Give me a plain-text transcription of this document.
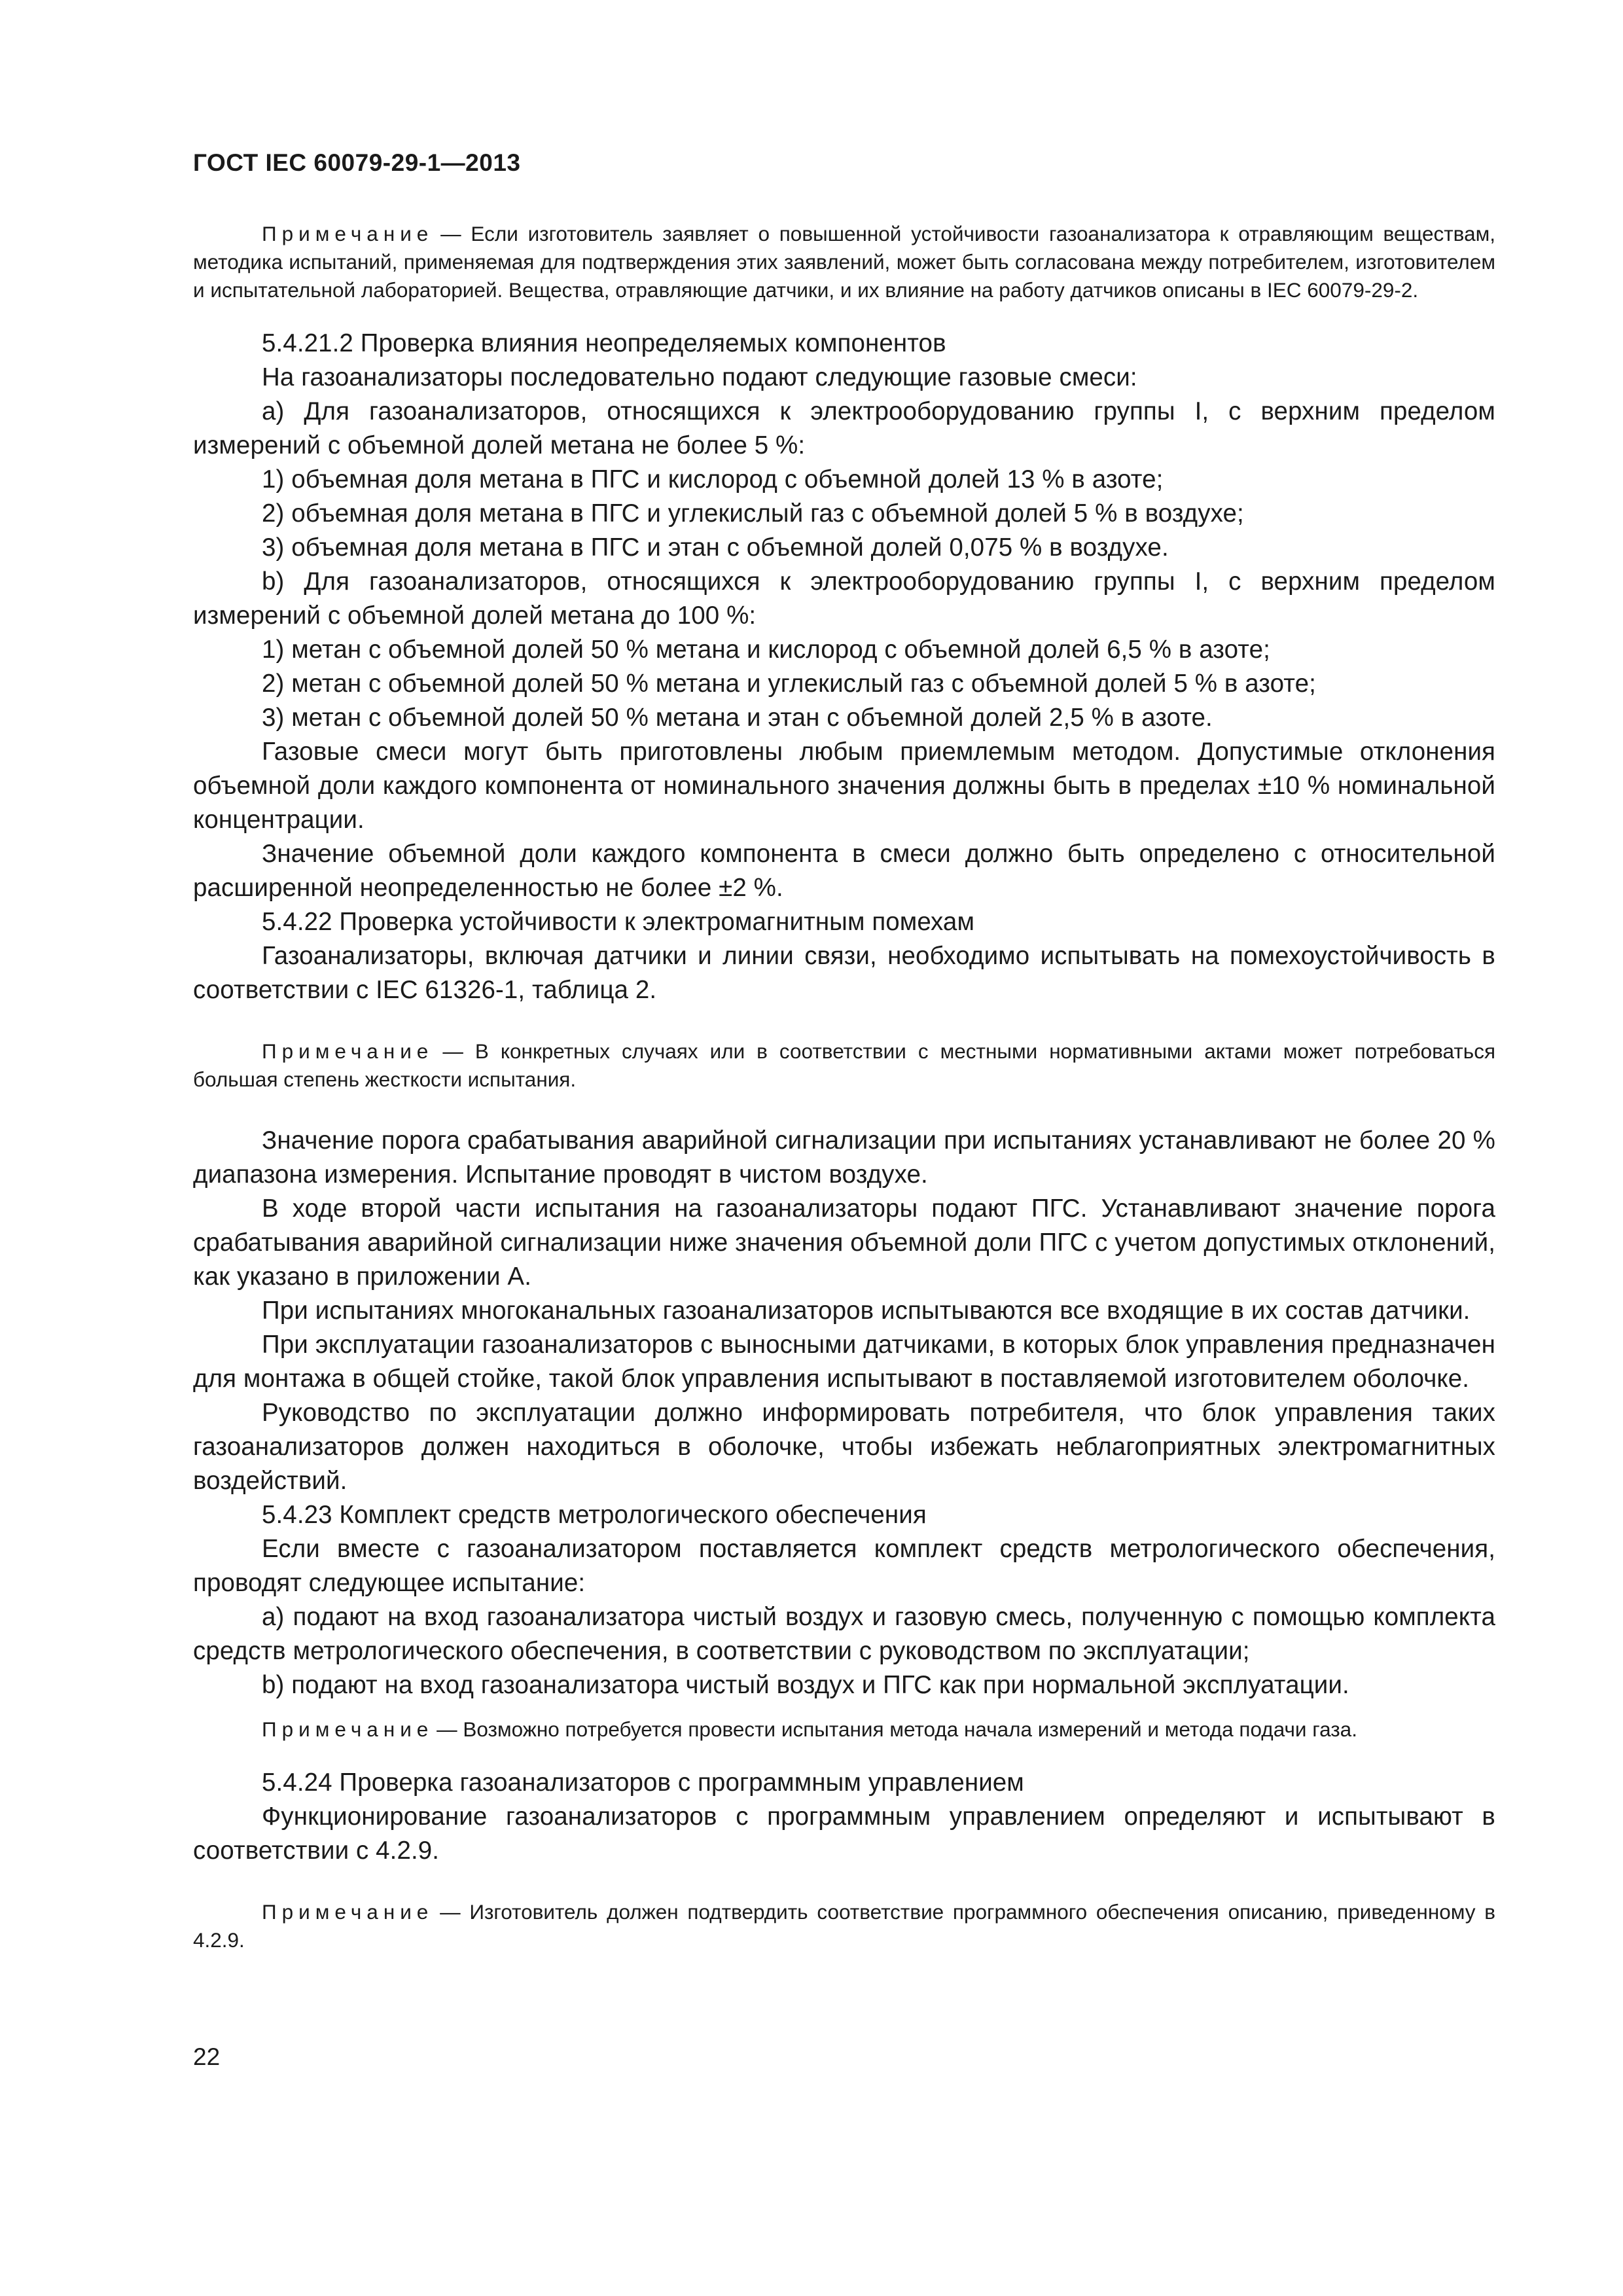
ГОСТ IEC 60079-29-1—2013

Примечание — Если изготовитель заявляет о повышенной устойчивости газоанализатора к отравляющим веществам, методика испытаний, применяемая для подтверждения этих заявлений, может быть согласована между потребителем, изготовителем и испытательной лабораторией. Вещества, отравляющие датчики, и их влияние на работу датчиков описаны в IEC 60079-29-2.

5.4.21.2 Проверка влияния неопределяемых компонентов

На газоанализаторы последовательно подают следующие газовые смеси:

a) Для газоанализаторов, относящихся к электрооборудованию группы I, с верхним пределом измерений с объемной долей метана не более 5 %:

1) объемная доля метана в ПГС и кислород с объемной долей 13 % в азоте;

2) объемная доля метана в ПГС и углекислый газ с объемной долей 5 % в воздухе;

3) объемная доля метана в ПГС и этан с объемной долей 0,075 % в воздухе.

b) Для газоанализаторов, относящихся к электрооборудованию группы I, с верхним пределом измерений с объемной долей метана до 100 %:

1) метан с объемной долей 50 % метана и кислород с объемной долей 6,5 % в азоте;

2) метан с объемной долей 50 % метана и углекислый газ с объемной долей 5 % в азоте;

3) метан с объемной долей 50 % метана и этан с объемной долей 2,5 % в азоте.

Газовые смеси могут быть приготовлены любым приемлемым методом. Допустимые отклонения объемной доли каждого компонента от номинального значения должны быть в пределах ±10 % номинальной концентрации.

Значение объемной доли каждого компонента в смеси должно быть определено с относительной расширенной неопределенностью не более ±2 %.

5.4.22 Проверка устойчивости к электромагнитным помехам

Газоанализаторы, включая датчики и линии связи, необходимо испытывать на помехоустойчивость в соответствии с IEC 61326-1, таблица 2.

Примечание — В конкретных случаях или в соответствии с местными нормативными актами может потребоваться большая степень жесткости испытания.

Значение порога срабатывания аварийной сигнализации при испытаниях устанавливают не более 20 % диапазона измерения. Испытание проводят в чистом воздухе.

В ходе второй части испытания на газоанализаторы подают ПГС. Устанавливают значение порога срабатывания аварийной сигнализации ниже значения объемной доли ПГС с учетом допустимых отклонений, как указано в приложении А.

При испытаниях многоканальных газоанализаторов испытываются все входящие в их состав датчики.

При эксплуатации газоанализаторов с выносными датчиками, в которых блок управления предназначен для монтажа в общей стойке, такой блок управления испытывают в поставляемой изготовителем оболочке.

Руководство по эксплуатации должно информировать потребителя, что блок управления таких газоанализаторов должен находиться в оболочке, чтобы избежать неблагоприятных электромагнитных воздействий.

5.4.23 Комплект средств метрологического обеспечения

Если вместе с газоанализатором поставляется комплект средств метрологического обеспечения, проводят следующее испытание:

a) подают на вход газоанализатора чистый воздух и газовую смесь, полученную с помощью комплекта средств метрологического обеспечения, в соответствии с руководством по эксплуатации;

b) подают на вход газоанализатора чистый воздух и ПГС как при нормальной эксплуатации.

Примечание — Возможно потребуется провести испытания метода начала измерений и метода подачи газа.

5.4.24 Проверка газоанализаторов с программным управлением

Функционирование газоанализаторов с программным управлением определяют и испытывают в соответствии с 4.2.9.

Примечание — Изготовитель должен подтвердить соответствие программного обеспечения описанию, приведенному в 4.2.9.

22
